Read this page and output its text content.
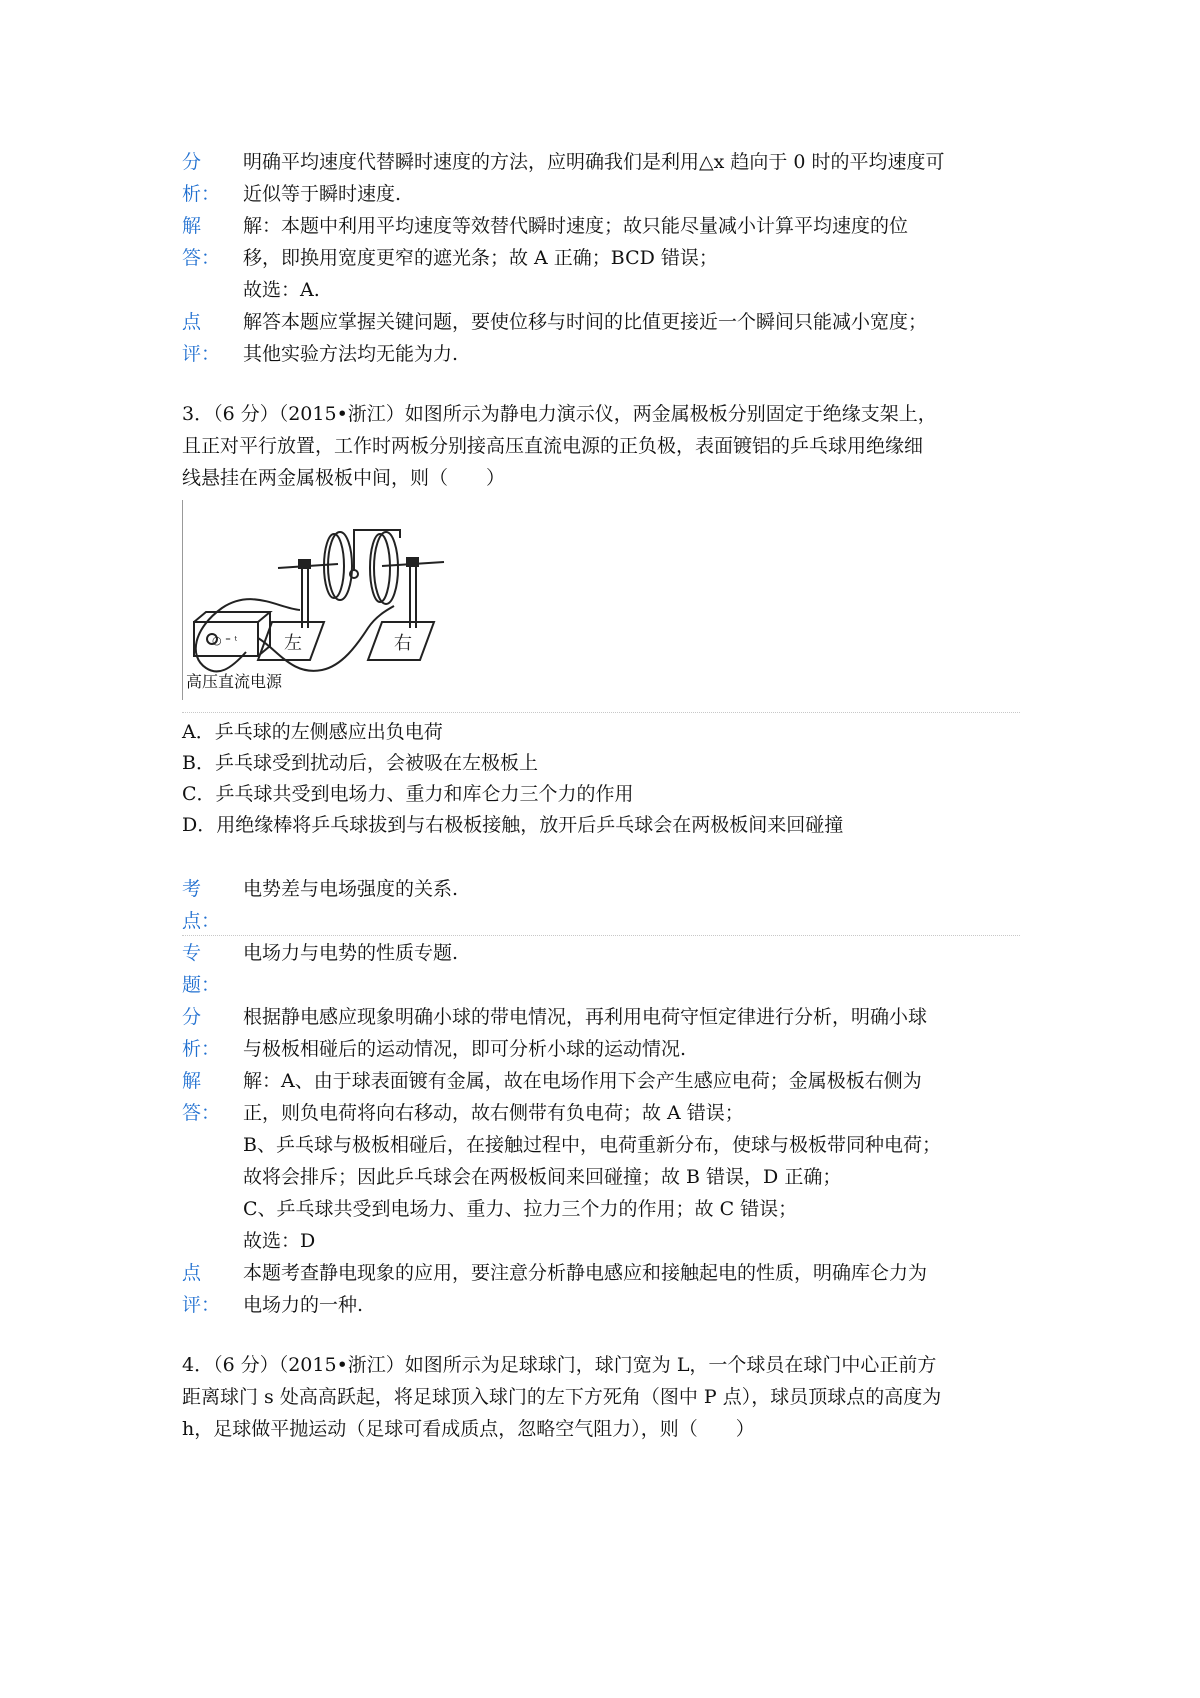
分	明确平均速度代替瞬时速度的方法，应明确我们是利用△x 趋向于 0 时的平均速度可
析：	近似等于瞬时速度.
解	解：本题中利用平均速度等效替代瞬时速度；故只能尽量减小计算平均速度的位
答：	移，即换用宽度更窄的遮光条；故 A 正确；BCD 错误；
故选：A.
点	解答本题应掌握关键问题，要使位移与时间的比值更接近一个瞬间只能减小宽度；
评：	其他实验方法均无能为力.
3．（6 分）（2015•浙江）如图所示为静电力演示仪，两金属极板分别固定于绝缘支架上，
且正对平行放置，工作时两板分别接高压直流电源的正负极，表面镀铝的乒乓球用绝缘细
线悬挂在两金属极板中间，则（　　）
○ ⁼ ᵗ	左	右
高压直流电源
A．乒乓球的左侧感应出负电荷
B．乒乓球受到扰动后，会被吸在左极板上
C．乒乓球共受到电场力、重力和库仑力三个力的作用
D．用绝缘棒将乒乓球拔到与右极板接触，放开后乒乓球会在两极板间来回碰撞
考	电势差与电场强度的关系.
点：
专	电场力与电势的性质专题.
题：
分	根据静电感应现象明确小球的带电情况，再利用电荷守恒定律进行分析，明确小球
析：	与极板相碰后的运动情况，即可分析小球的运动情况.
解	解：A、由于球表面镀有金属，故在电场作用下会产生感应电荷；金属极板右侧为
答：	正，则负电荷将向右移动，故右侧带有负电荷；故 A 错误；
B、乒乓球与极板相碰后，在接触过程中，电荷重新分布，使球与极板带同种电荷；
故将会排斥；因此乒乓球会在两极板间来回碰撞；故 B 错误，D 正确；
C、乒乓球共受到电场力、重力、拉力三个力的作用；故 C 错误；
故选：D
点	本题考查静电现象的应用，要注意分析静电感应和接触起电的性质，明确库仑力为
评：	电场力的一种.
4．（6 分）（2015•浙江）如图所示为足球球门，球门宽为 L，一个球员在球门中心正前方
距离球门 s 处高高跃起，将足球顶入球门的左下方死角（图中 P 点），球员顶球点的高度为
h，足球做平抛运动（足球可看成质点，忽略空气阻力），则（　　）
